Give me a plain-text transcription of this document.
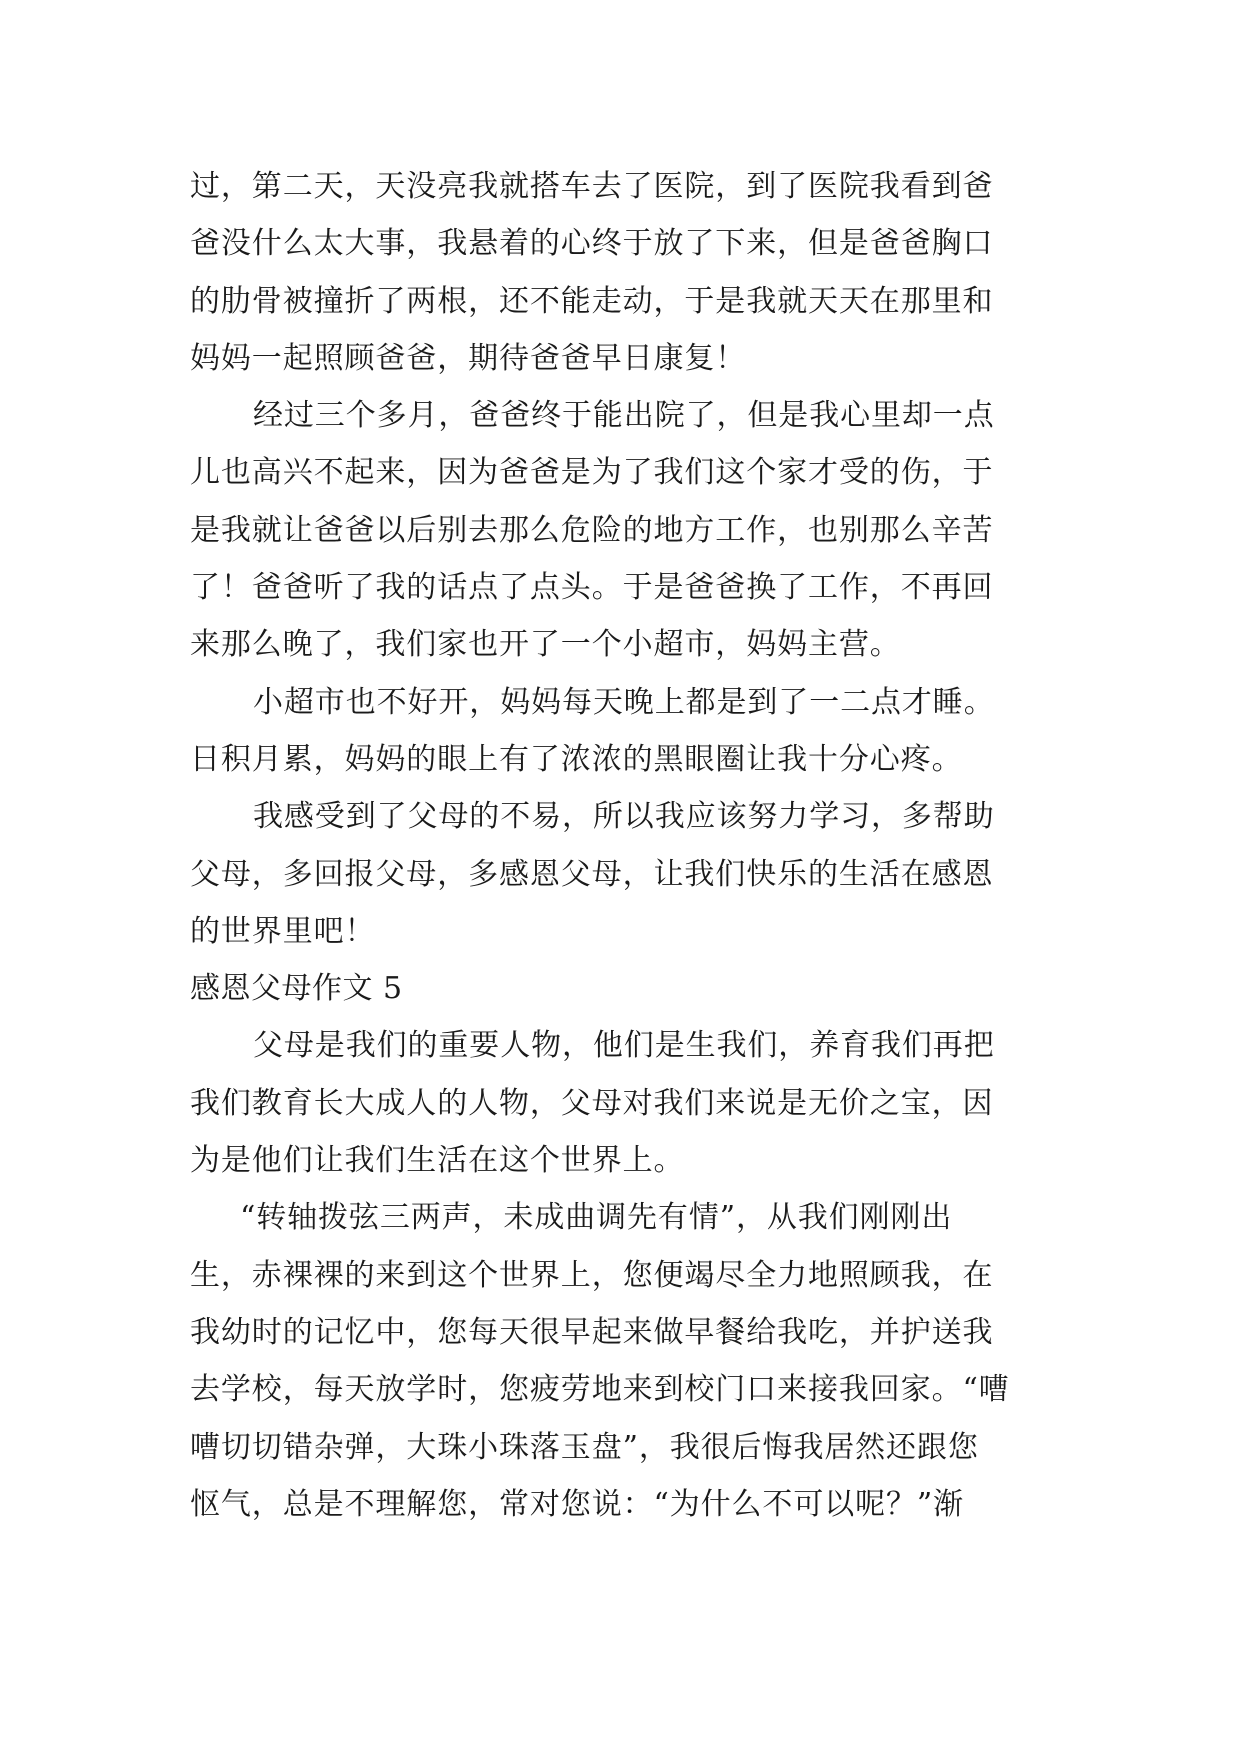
过，第二天，天没亮我就搭车去了医院，到了医院我看到爸
爸没什么太大事，我悬着的心终于放了下来，但是爸爸胸口
的肋骨被撞折了两根，还不能走动，于是我就天天在那里和
妈妈一起照顾爸爸，期待爸爸早日康复！
经过三个多月，爸爸终于能出院了，但是我心里却一点
儿也高兴不起来，因为爸爸是为了我们这个家才受的伤，于
是我就让爸爸以后别去那么危险的地方工作，也别那么辛苦
了！爸爸听了我的话点了点头。于是爸爸换了工作，不再回
来那么晚了，我们家也开了一个小超市，妈妈主营。
小超市也不好开，妈妈每天晚上都是到了一二点才睡。
日积月累，妈妈的眼上有了浓浓的黑眼圈让我十分心疼。
我感受到了父母的不易，所以我应该努力学习，多帮助
父母，多回报父母，多感恩父母，让我们快乐的生活在感恩
的世界里吧！
感恩父母作文 5
父母是我们的重要人物，他们是生我们，养育我们再把
我们教育长大成人的人物，父母对我们来说是无价之宝，因
为是他们让我们生活在这个世界上。
“转轴拨弦三两声，未成曲调先有情”，从我们刚刚出
生，赤裸裸的来到这个世界上，您便竭尽全力地照顾我，在
我幼时的记忆中，您每天很早起来做早餐给我吃，并护送我
去学校，每天放学时，您疲劳地来到校门口来接我回家。“嘈
嘈切切错杂弹，大珠小珠落玉盘”，我很后悔我居然还跟您
怄气，总是不理解您，常对您说：“为什么不可以呢？”渐
